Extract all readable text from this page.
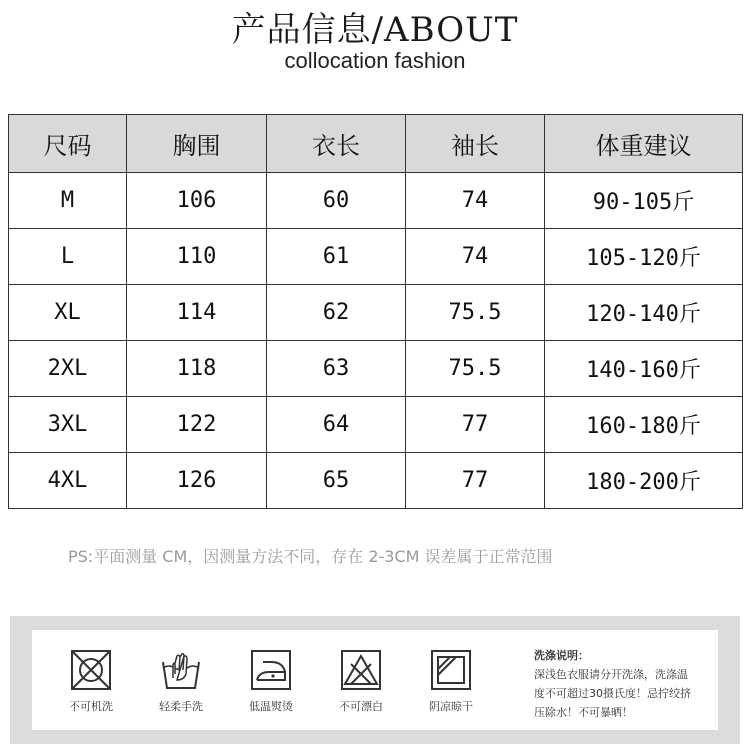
产品信息/ABOUT
collocation fashion
尺码	胸围	衣长	袖长	体重建议
M	106	60	74	90-105斤
L	110	61	74	105-120斤
XL	114	62	75.5	120-140斤
2XL	118	63	75.5	140-160斤
3XL	122	64	77	160-180斤
4XL	126	65	77	180-200斤
PS:平面测量 CM，因测量方法不同，存在 2-3CM 误差属于正常范围
不可机洗	轻柔手洗	低温熨烫	不可漂白	阴凉晾干
洗涤说明：
深浅色衣服请分开洗涤，洗涤温
度不可超过30摄氏度！忌拧绞挤
压除水！不可暴晒！
